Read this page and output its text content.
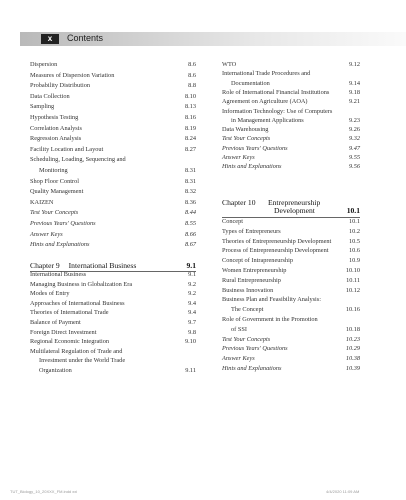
x	Contents
Dispersion	8.6
Measures of Dispersion Variation	8.6
Probability Distribution	8.8
Data Collection	8.10
Sampling	8.13
Hypothesis Testing	8.16
Correlation Analysis	8.19
Regression Analysis	8.24
Facility Location and Layout	8.27
Scheduling, Loading, Sequencing and
Monitoring	8.31
Shop Floor Control	8.31
Quality Management	8.32
KAIZEN	8.36
Test Your Concepts	8.44
Previous Years' Questions	8.55
Answer Keys	8.66
Hints and Explanations	8.67
Chapter 9 International Business	9.1
International Business	9.1
Managing Business in Globalization Era	9.2
Modes of Entry	9.2
Approaches of International Business	9.4
Theories of International Trade	9.4
Balance of Payment	9.7
Foreign Direct Investment	9.8
Regional Economic Integration	9.10
Multilateral Regulation of Trade and
Investment under the World Trade
Organization	9.11
WTO	9.12
International Trade Procedures and
Documentation	9.14
Role of International Financial Institutions	9.18
Agreement on Agriculture (AOA)	9.21
Information Technology: Use of Computers
in Management Applications	9.23
Data Warehousing	9.26
Test Your Concepts	9.32
Previous Years' Questions	9.47
Answer Keys	9.55
Hints and Explanations	9.56
Chapter 10 Entrepreneurship
Development	10.1
Concept	10.1
Types of Entrepreneurs	10.2
Theories of Entrepreneurship Development	10.5
Process of Entrepreneurship Development	10.6
Concept of Intrapreneurship	10.9
Women Entrepreneurship	10.10
Rural Entrepreneurship	10.11
Business Innovation	10.12
Business Plan and Feasibility Analysis:
The Concept	10.16
Role of Government in the Promotion
of SSI	10.18
Test Your Concepts	10.23
Previous Years' Questions	10.29
Answer Keys	10.38
Hints and Explanations	10.39
TUT_Biology_10_20XXX_FM.indd xxi	4/4/2020 11:09 AM
